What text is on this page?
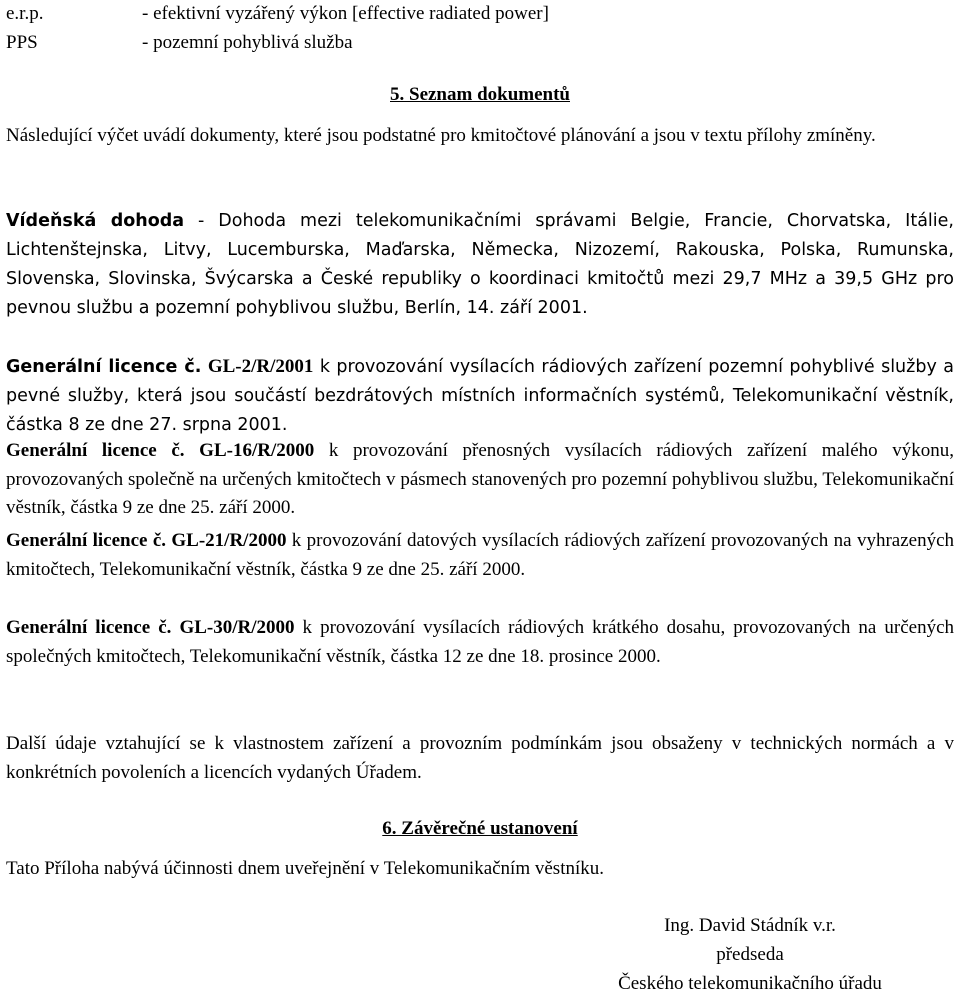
e.r.p.	- efektivní vyzářený výkon [effective radiated power]
PPS	- pozemní pohyblivá služba
5. Seznam dokumentů

Následující výčet uvádí dokumenty, které jsou podstatné pro kmitočtové plánování a jsou v textu přílohy zmíněny.

Vídeňská dohoda - Dohoda mezi telekomunikačními správami Belgie, Francie, Chorvatska, Itálie, Lichtenštejnska, Litvy, Lucemburska, Maďarska, Německa, Nizozemí, Rakouska, Polska, Rumunska, Slovenska, Slovinska, Švýcarska a České republiky o koordinaci kmitočtů mezi 29,7 MHz a 39,5 GHz pro pevnou službu a pozemní pohyblivou službu, Berlín, 14. září 2001.

Generální licence č. GL-2/R/2001 k provozování vysílacích rádiových zařízení pozemní pohyblivé služby a pevné služby, která jsou součástí bezdrátových místních informačních systémů, Telekomunikační věstník, částka 8 ze dne 27. srpna 2001.

Generální licence č. GL-16/R/2000 k provozování přenosných vysílacích rádiových zařízení malého výkonu, provozovaných společně na určených kmitočtech v pásmech stanovených pro pozemní pohyblivou službu, Telekomunikační věstník, částka 9 ze dne 25. září 2000.

Generální licence č. GL-21/R/2000 k provozování datových vysílacích rádiových zařízení provozovaných na vyhrazených kmitočtech, Telekomunikační věstník, částka 9 ze dne 25. září 2000.

Generální licence č. GL-30/R/2000 k provozování vysílacích rádiových krátkého dosahu, provozovaných na určených společných kmitočtech, Telekomunikační věstník, částka 12 ze dne 18. prosince 2000.

Další údaje vztahující se k vlastnostem zařízení a provozním podmínkám jsou obsaženy v technických normách a v konkrétních povoleních a licencích vydaných Úřadem.

6. Závěrečné ustanovení

Tato Příloha nabývá účinnosti dnem uveřejnění v Telekomunikačním věstníku.

Ing. David Stádník v.r.
předseda
Českého telekomunikačního úřadu
